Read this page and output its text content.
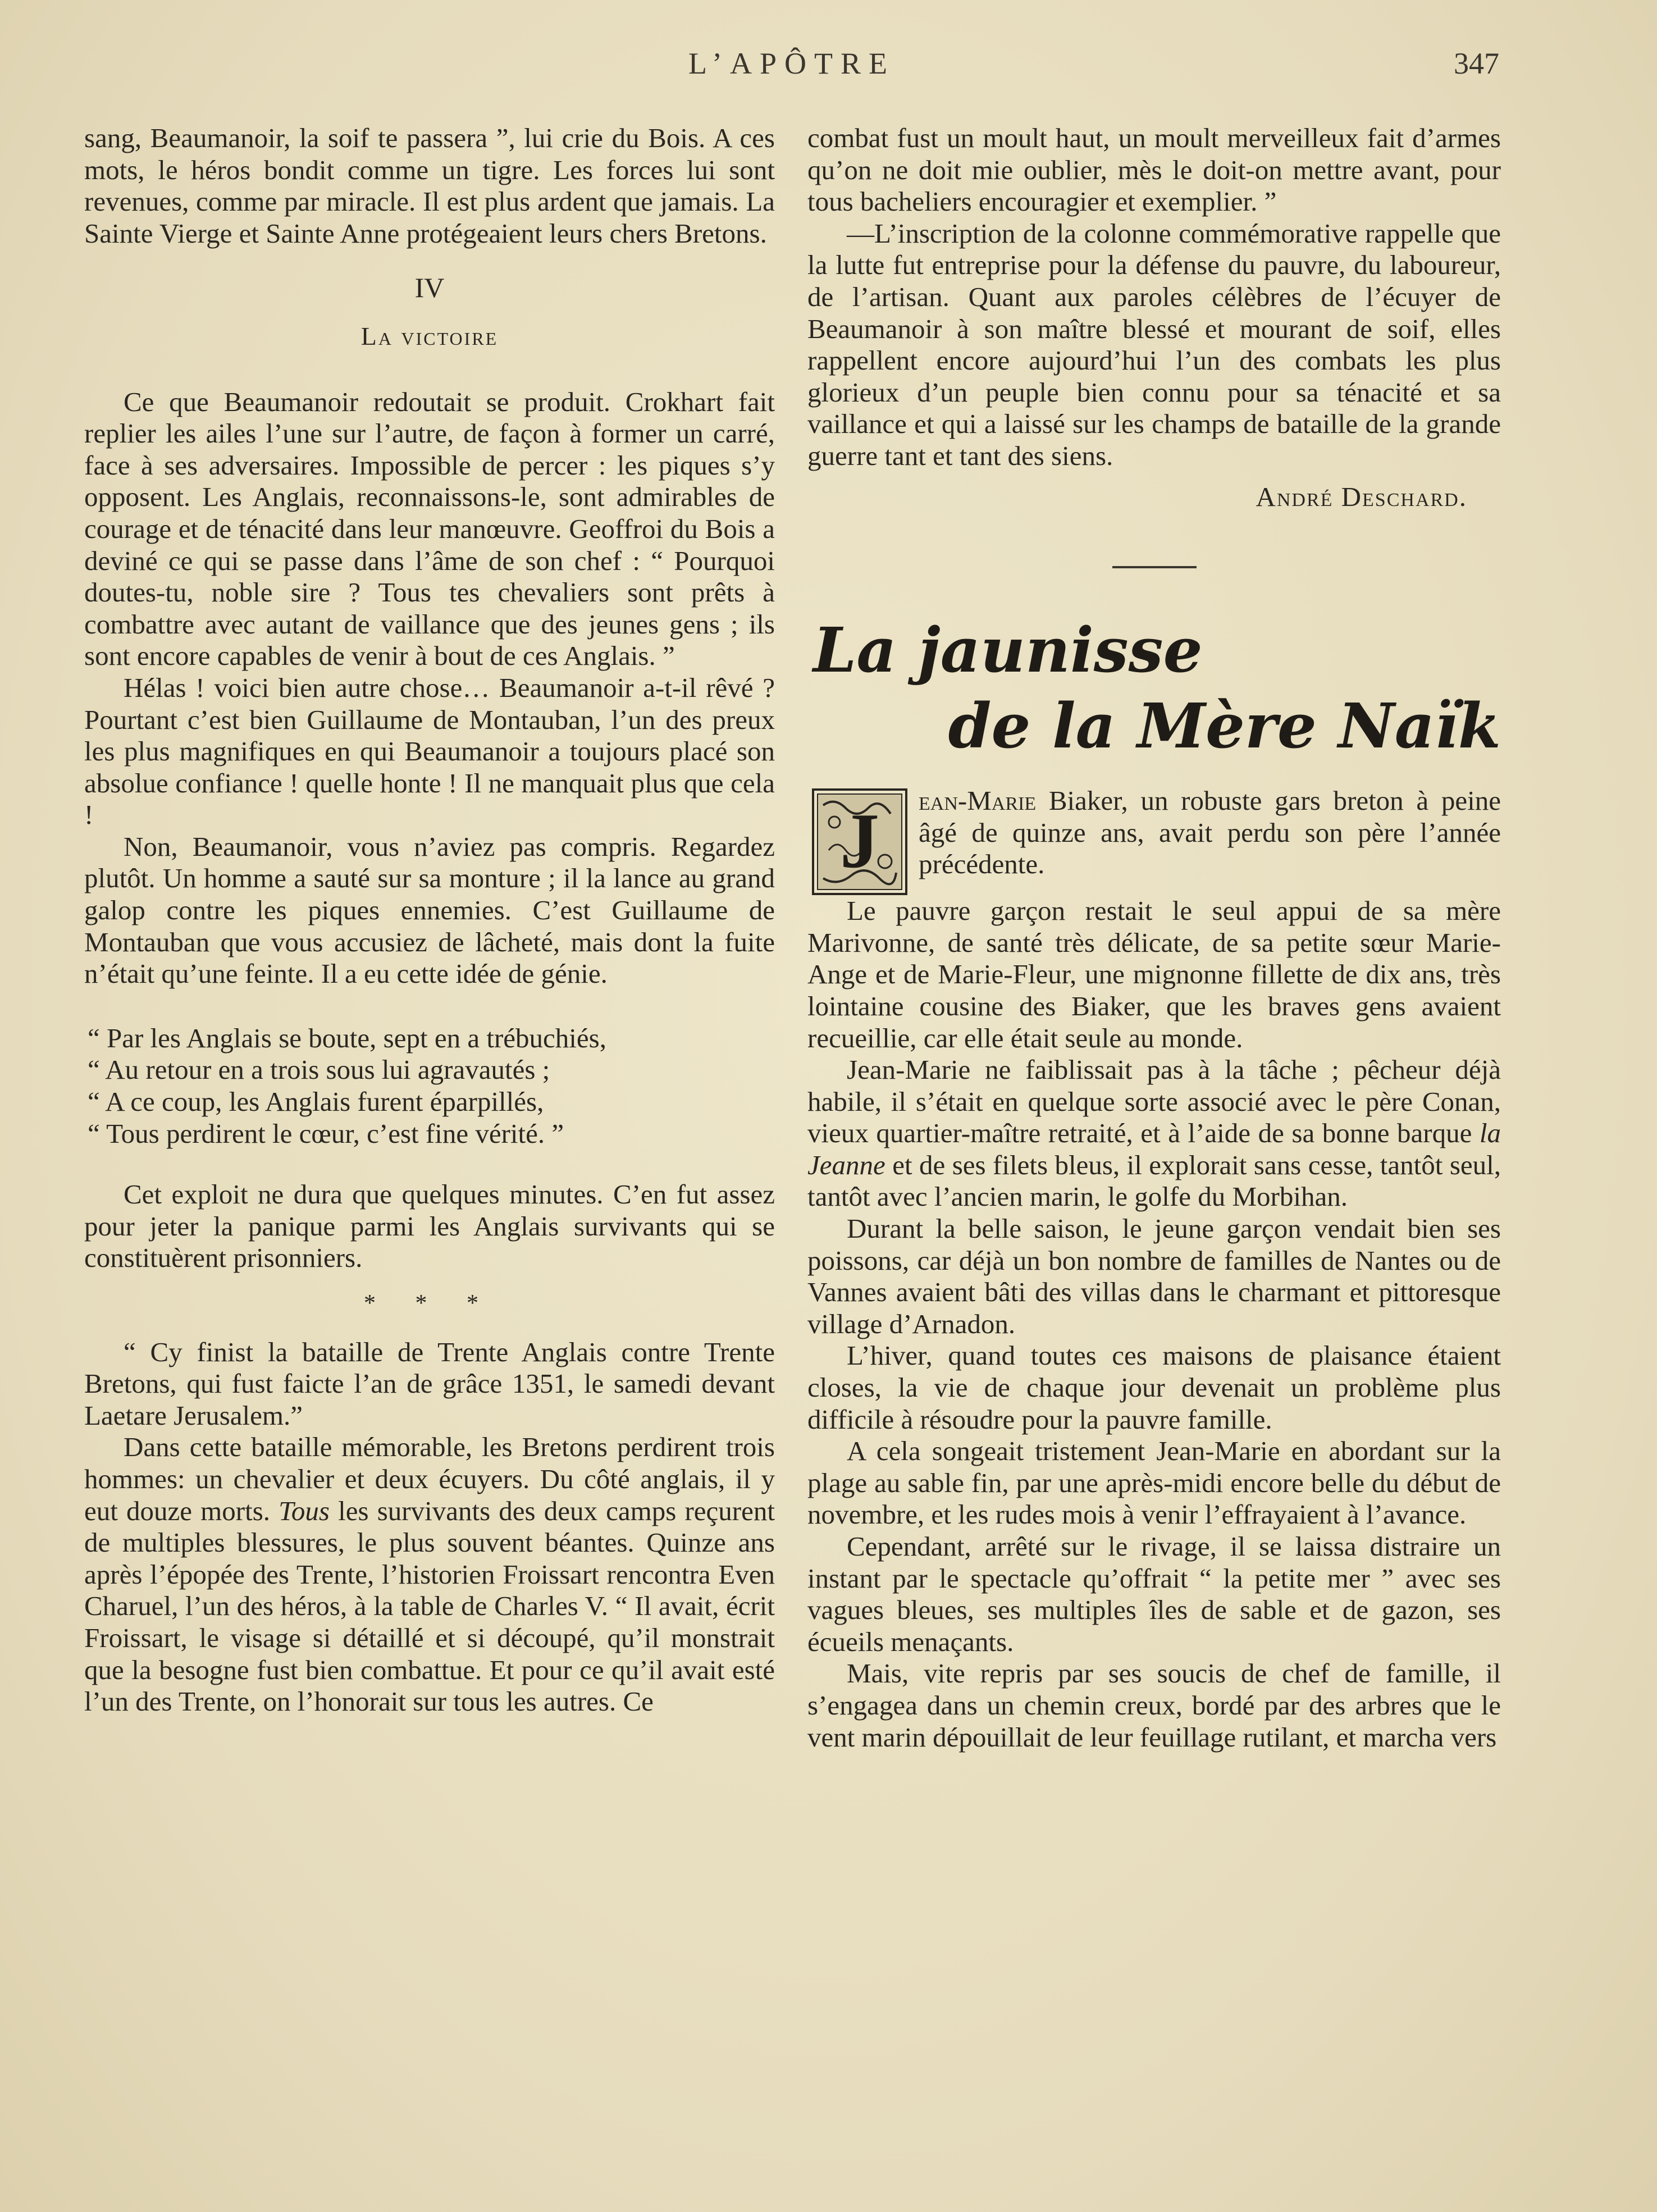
L’APÔTRE	347

sang, Beaumanoir, la soif te passera ”, lui crie du Bois. A ces mots, le héros bondit comme un tigre. Les forces lui sont revenues, comme par miracle. Il est plus ardent que jamais. La Sainte Vierge et Sainte Anne protégeaient leurs chers Bretons.

IV

La victoire

Ce que Beaumanoir redoutait se produit. Crokhart fait replier les ailes l’une sur l’autre, de façon à former un carré, face à ses adversaires. Impossible de percer : les piques s’y opposent. Les Anglais, reconnaissons-le, sont admirables de courage et de ténacité dans leur manœuvre. Geoffroi du Bois a deviné ce qui se passe dans l’âme de son chef : “ Pourquoi doutes-tu, noble sire ? Tous tes chevaliers sont prêts à combattre avec autant de vaillance que des jeunes gens ; ils sont encore capables de venir à bout de ces Anglais. ”

Hélas ! voici bien autre chose… Beaumanoir a-t-il rêvé ? Pourtant c’est bien Guillaume de Montauban, l’un des preux les plus magnifiques en qui Beaumanoir a toujours placé son absolue confiance ! quelle honte ! Il ne manquait plus que cela !

Non, Beaumanoir, vous n’aviez pas compris. Regardez plutôt. Un homme a sauté sur sa monture ; il la lance au grand galop contre les piques ennemies. C’est Guillaume de Montauban que vous accusiez de lâcheté, mais dont la fuite n’était qu’une feinte. Il a eu cette idée de génie.

“ Par les Anglais se boute, sept en a trébuchiés,

“ Au retour en a trois sous lui agravautés ;

“ A ce coup, les Anglais furent éparpillés,

“ Tous perdirent le cœur, c’est fine vérité. ”

Cet exploit ne dura que quelques minutes. C’en fut assez pour jeter la panique parmi les Anglais survivants qui se constituèrent prisonniers.

* * *

“ Cy finist la bataille de Trente Anglais contre Trente Bretons, qui fust faicte l’an de grâce 1351, le samedi devant Laetare Jerusalem.”

Dans cette bataille mémorable, les Bretons perdirent trois hommes: un chevalier et deux écuyers. Du côté anglais, il y eut douze morts. Tous les survivants des deux camps reçurent de multiples blessures, le plus souvent béantes. Quinze ans après l’épopée des Trente, l’historien Froissart rencontra Even Charuel, l’un des héros, à la table de Charles V. “ Il avait, écrit Froissart, le visage si détaillé et si découpé, qu’il monstrait que la besogne fust bien combattue. Et pour ce qu’il avait esté l’un des Trente, on l’honorait sur tous les autres. Ce

combat fust un moult haut, un moult merveilleux fait d’armes qu’on ne doit mie oublier, mès le doit-on mettre avant, pour tous bacheliers encouragier et exemplier. ”

—L’inscription de la colonne commémorative rappelle que la lutte fut entreprise pour la défense du pauvre, du laboureur, de l’artisan. Quant aux paroles célèbres de l’écuyer de Beaumanoir à son maître blessé et mourant de soif, elles rappellent encore aujourd’hui l’un des combats les plus glorieux d’un peuple bien connu pour sa ténacité et sa vaillance et qui a laissé sur les champs de bataille de la grande guerre tant et tant des siens.

André Deschard.

La jaunisse
de la Mère Naïk
J	ean-Marie Biaker, un robuste gars breton à peine âgé de quinze ans, avait perdu son père l’année précédente.

Le pauvre garçon restait le seul appui de sa mère Marivonne, de santé très délicate, de sa petite sœur Marie-Ange et de Marie-Fleur, une mignonne fillette de dix ans, très lointaine cousine des Biaker, que les braves gens avaient recueillie, car elle était seule au monde.

Jean-Marie ne faiblissait pas à la tâche ; pêcheur déjà habile, il s’était en quelque sorte associé avec le père Conan, vieux quartier-maître retraité, et à l’aide de sa bonne barque la Jeanne et de ses filets bleus, il explorait sans cesse, tantôt seul, tantôt avec l’ancien marin, le golfe du Morbihan.

Durant la belle saison, le jeune garçon vendait bien ses poissons, car déjà un bon nombre de familles de Nantes ou de Vannes avaient bâti des villas dans le charmant et pittoresque village d’Arnadon.

L’hiver, quand toutes ces maisons de plaisance étaient closes, la vie de chaque jour devenait un problème plus difficile à résoudre pour la pauvre famille.

A cela songeait tristement Jean-Marie en abordant sur la plage au sable fin, par une après-midi encore belle du début de novembre, et les rudes mois à venir l’effrayaient à l’avance.

Cependant, arrêté sur le rivage, il se laissa distraire un instant par le spectacle qu’offrait “ la petite mer ” avec ses vagues bleues, ses multiples îles de sable et de gazon, ses écueils menaçants.

Mais, vite repris par ses soucis de chef de famille, il s’engagea dans un chemin creux, bordé par des arbres que le vent marin dépouillait de leur feuillage rutilant, et marcha vers
